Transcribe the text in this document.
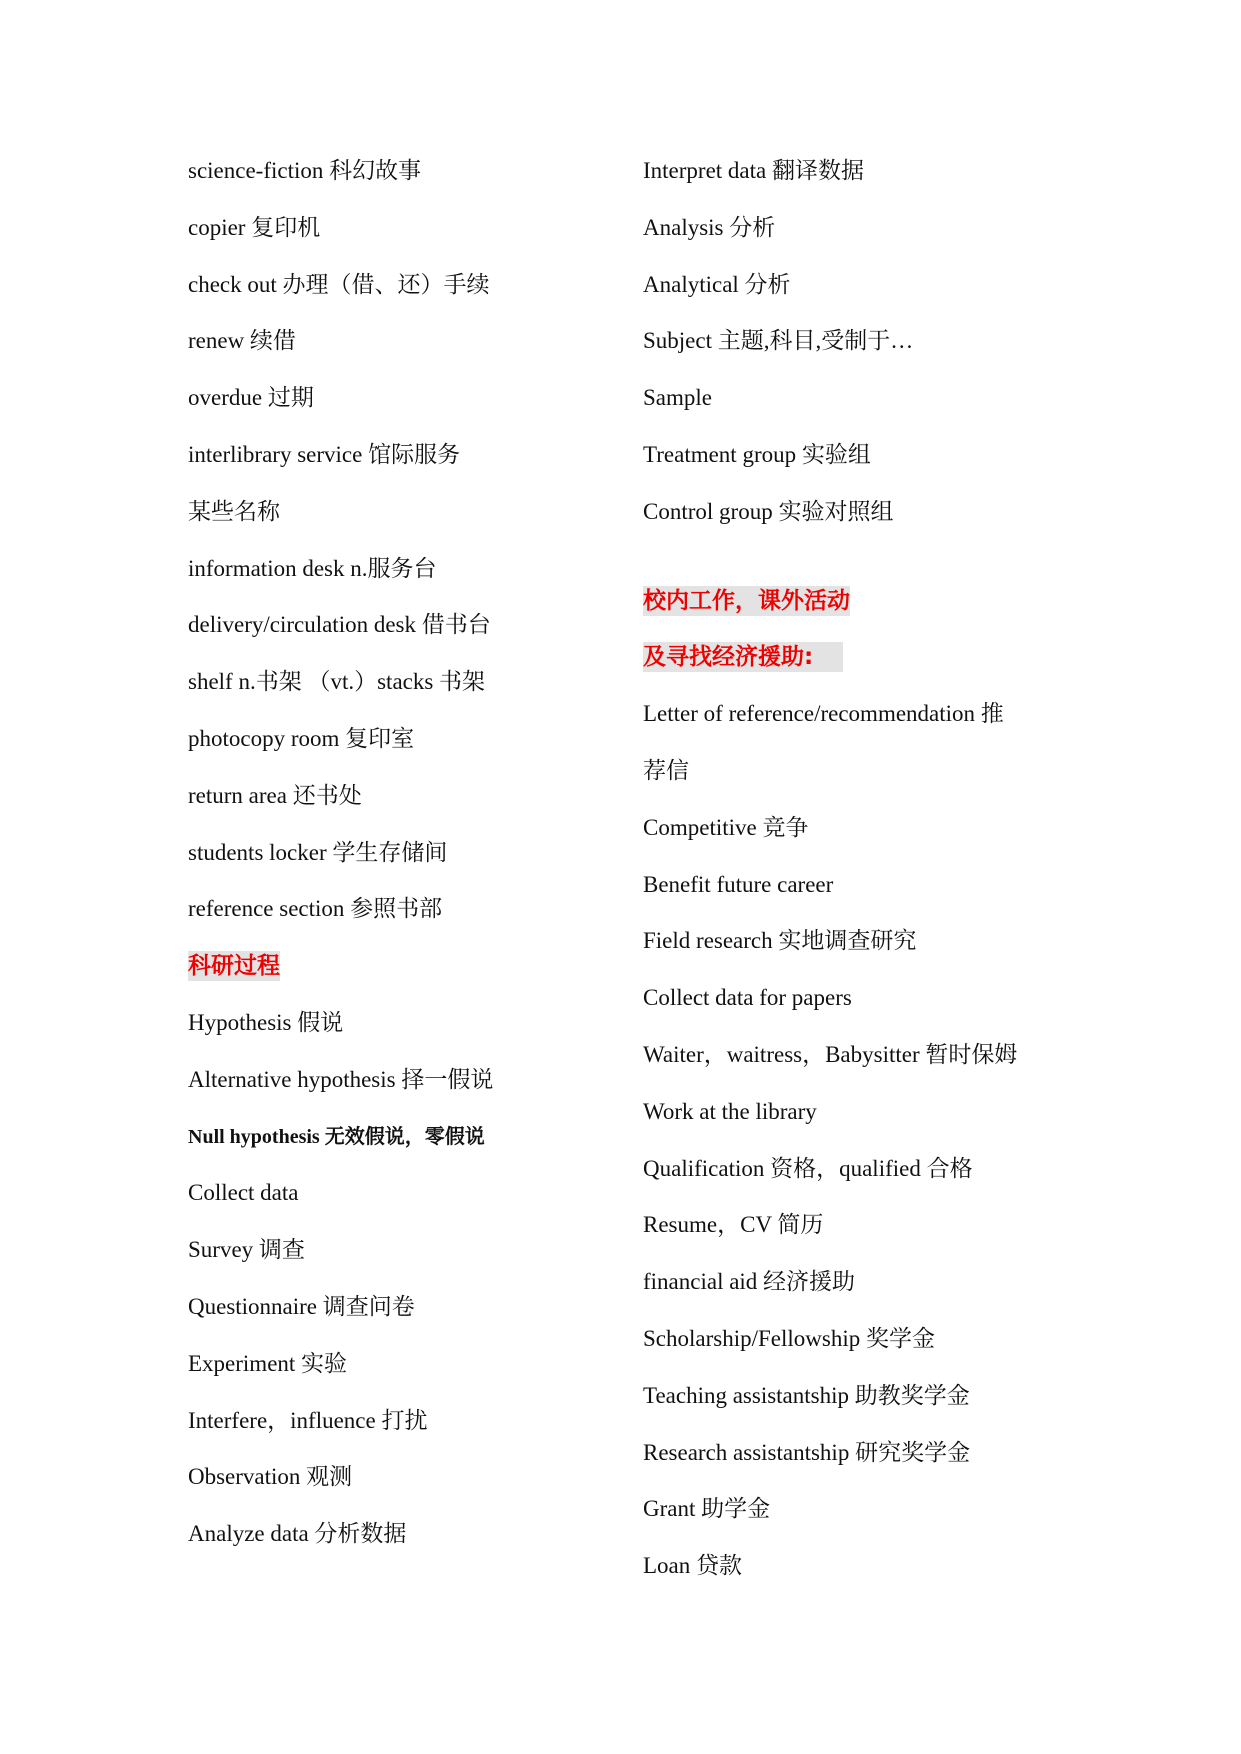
science-fiction 科幻故事
copier 复印机
check out 办理（借、还）手续
renew 续借
overdue 过期
interlibrary service 馆际服务
某些名称
information desk n.服务台
delivery/circulation desk 借书台
shelf n.书架 （vt.）stacks 书架
photocopy room 复印室
return area 还书处
students locker 学生存储间
reference section 参照书部
科研过程
Hypothesis 假说
Alternative hypothesis 择一假说
Null hypothesis 无效假说，零假说
Collect data
Survey 调查
Questionnaire 调查问卷
Experiment 实验
Interfere，influence 打扰
Observation 观测
Analyze data 分析数据
Interpret data 翻译数据
Analysis 分析
Analytical 分析
Subject 主题,科目,受制于…
Sample
Treatment group 实验组
Control group 实验对照组
校内工作，课外活动
及寻找经济援助:
Letter of reference/recommendation 推
荐信
Competitive 竞争
Benefit future career
Field research 实地调查研究
Collect data for papers
Waiter，waitress，Babysitter 暂时保姆
Work at the library
Qualification 资格，qualified 合格
Resume，CV 简历
financial aid 经济援助
Scholarship/Fellowship 奖学金
Teaching assistantship 助教奖学金
Research assistantship 研究奖学金
Grant 助学金
Loan 贷款
